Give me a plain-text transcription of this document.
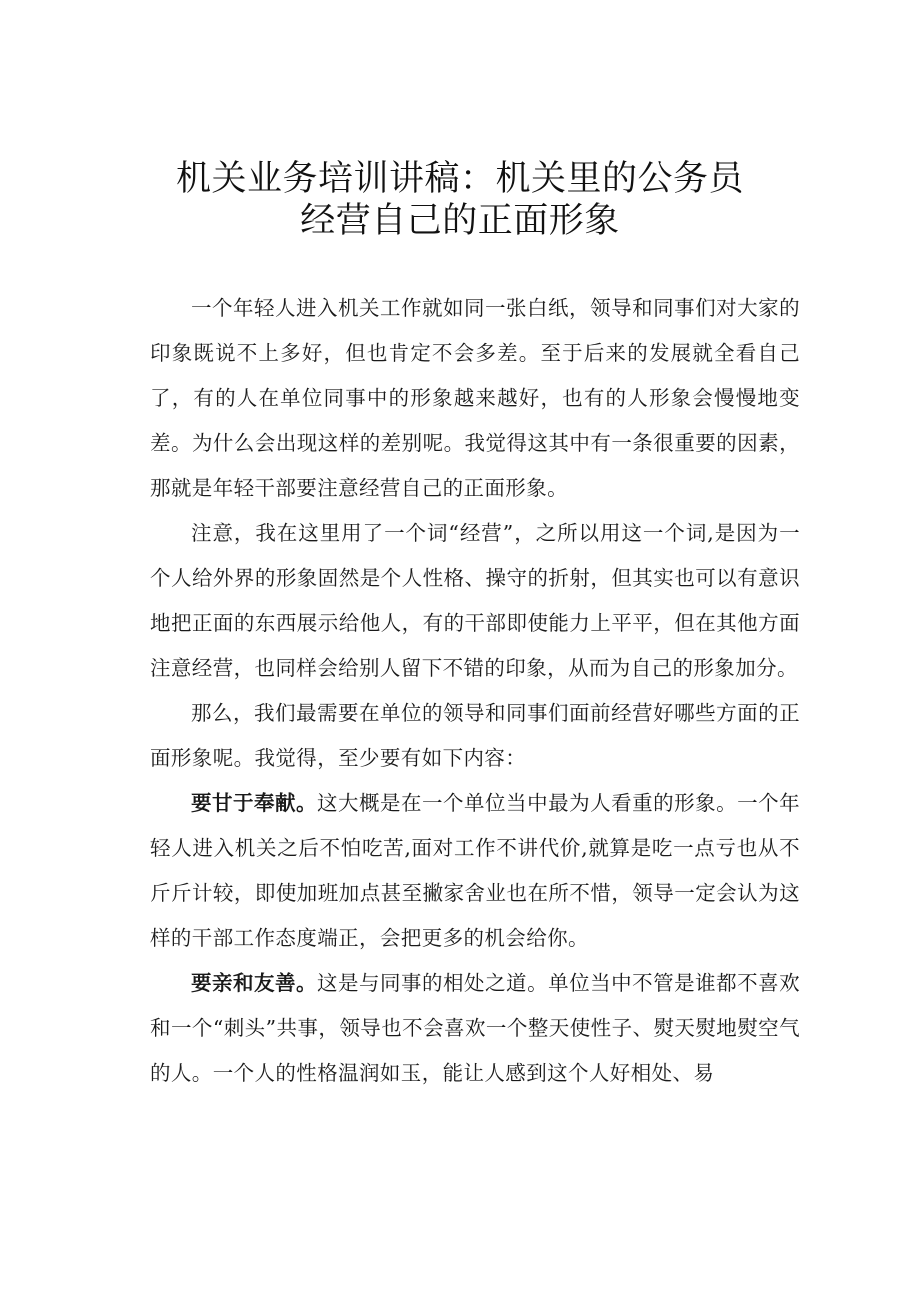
机关业务培训讲稿：机关里的公务员
经营自己的正面形象

一个年轻人进入机关工作就如同一张白纸，领导和同事们对大家的印象既说不上多好，但也肯定不会多差。至于后来的发展就全看自己了，有的人在单位同事中的形象越来越好，也有的人形象会慢慢地变差。为什么会出现这样的差别呢。我觉得这其中有一条很重要的因素，那就是年轻干部要注意经营自己的正面形象。

注意，我在这里用了一个词“经营”，之所以用这一个词,是因为一个人给外界的形象固然是个人性格、操守的折射，但其实也可以有意识地把正面的东西展示给他人，有的干部即使能力上平平，但在其他方面注意经营，也同样会给别人留下不错的印象，从而为自己的形象加分。

那么，我们最需要在单位的领导和同事们面前经营好哪些方面的正面形象呢。我觉得，至少要有如下内容：

要甘于奉献。这大概是在一个单位当中最为人看重的形象。一个年轻人进入机关之后不怕吃苦,面对工作不讲代价,就算是吃一点亏也从不斤斤计较，即使加班加点甚至撇家舍业也在所不惜，领导一定会认为这样的干部工作态度端正，会把更多的机会给你。

要亲和友善。这是与同事的相处之道。单位当中不管是谁都不喜欢和一个“刺头”共事，领导也不会喜欢一个整天使性子、熨天熨地熨空气的人。一个人的性格温润如玉，能让人感到这个人好相处、易
